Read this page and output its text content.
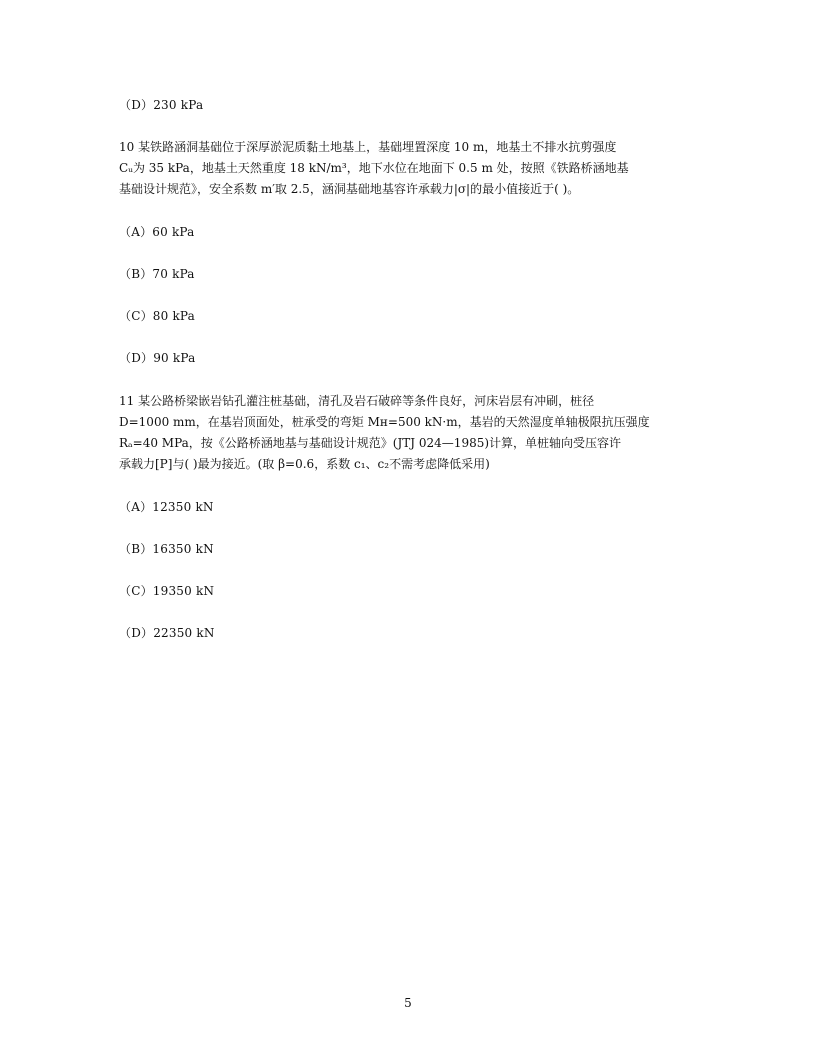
（D）230 kPa

10 某铁路涵洞基础位于深厚淤泥质黏土地基上，基础埋置深度 10 m，地基土不排水抗剪强度
Cᵤ为 35 kPa，地基土天然重度 18 kN/m³，地下水位在地面下 0.5 m 处，按照《铁路桥涵地基
基础设计规范》，安全系数 m′取 2.5，涵洞基础地基容许承载力|σ|的最小值接近于( )。

（A）60 kPa

（B）70 kPa

（C）80 kPa

（D）90 kPa

11 某公路桥梁嵌岩钻孔灌注桩基础，清孔及岩石破碎等条件良好，河床岩层有冲刷，桩径
D=1000 mm，在基岩顶面处，桩承受的弯矩 Mʜ=500 kN·m，基岩的天然湿度单轴极限抗压强度
Rₐ=40 MPa，按《公路桥涵地基与基础设计规范》(JTJ 024—1985)计算，单桩轴向受压容许
承载力[P]与( )最为接近。(取 β=0.6，系数 c₁、c₂不需考虑降低采用)

（A）12350 kN

（B）16350 kN

（C）19350 kN

（D）22350 kN

5
